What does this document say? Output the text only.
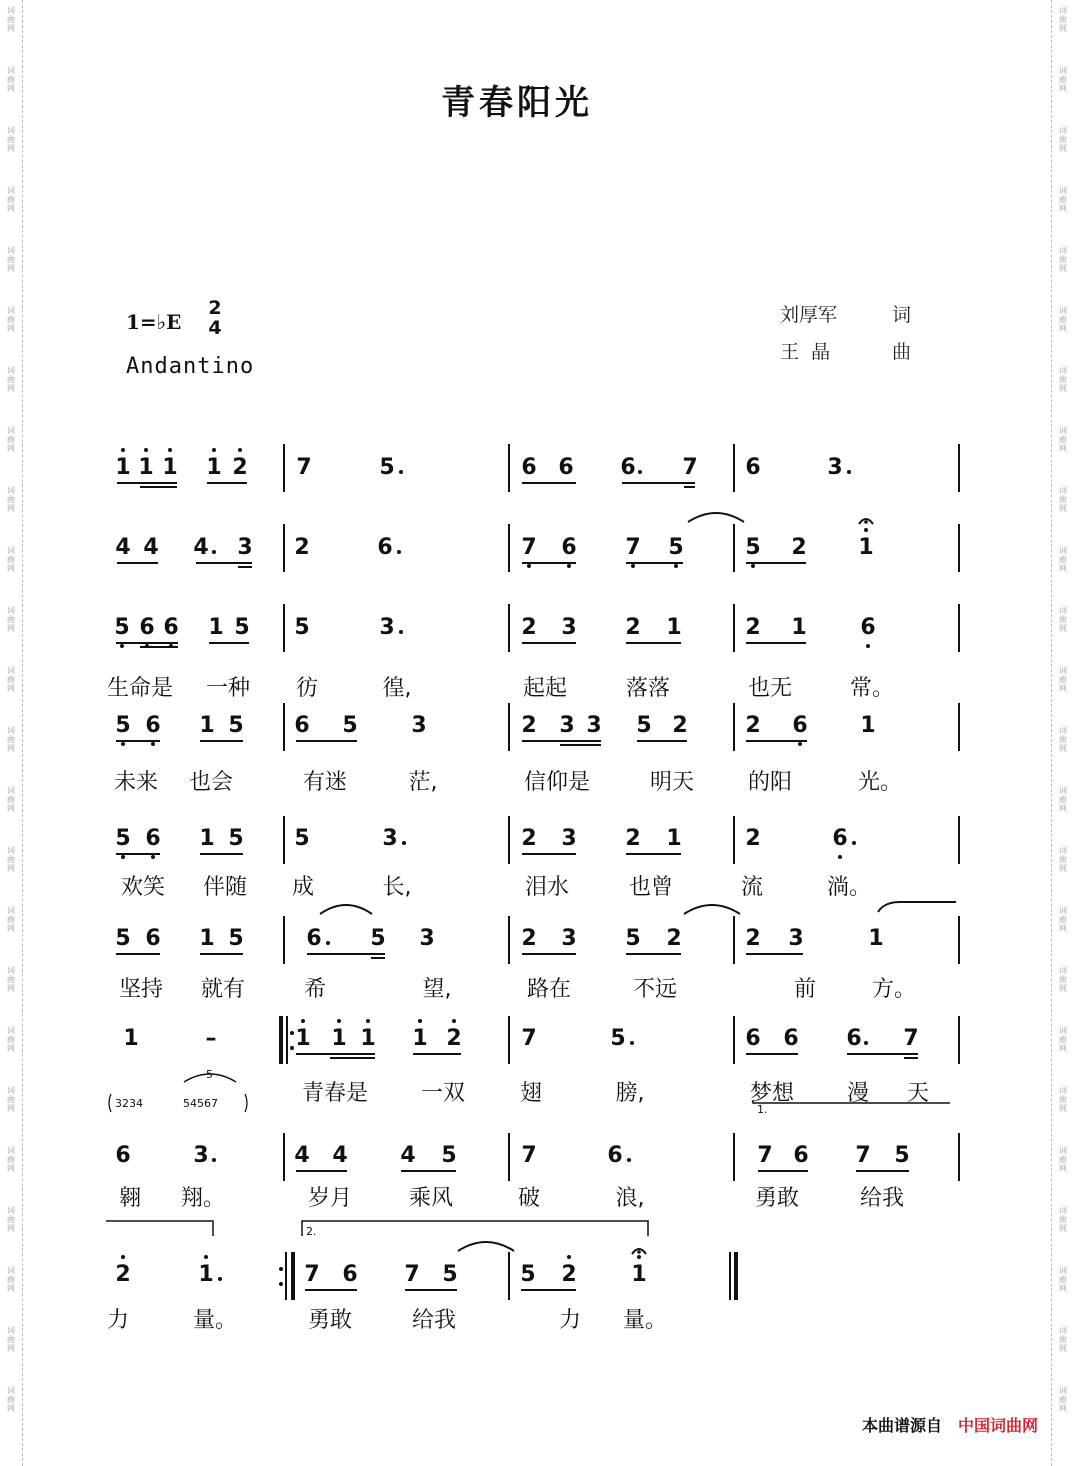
词曲网
词曲网
词曲网
词曲网
词曲网
词曲网
词曲网
词曲网
词曲网
词曲网
词曲网
词曲网
词曲网
词曲网
词曲网
词曲网
词曲网
词曲网
词曲网
词曲网
词曲网
词曲网
词曲网
词曲网
词曲网
词曲网
词曲网
词曲网
词曲网
词曲网
词曲网
词曲网
词曲网
词曲网
词曲网
词曲网
词曲网
词曲网
词曲网
词曲网
词曲网
词曲网
词曲网
词曲网
词曲网
词曲网
词曲网
词曲网
青春阳光
1=♭E
2
4
Andantino
刘厚军	词
王  晶	曲
1 1 1 1 2 7	5	6 6 6 7 6	3
4 4 4 3 2	6	7 6 7 5	5 2 1
5 6 6 1 5 5	3	2 3 2 1	2 1 6
5 6 1 5 6 5 3	2 3 3 5 2	2 6 1
5 6 1 5 5	3	2 3 2 1	2	6
5 6 1 5	6 5 3	2 3 5 2	2 3	1
1	–	1 1 1 1 2	7	5	6 6 6 7
6	3	4 4 4 5	7	6	7 6 7 5
2	1	7 6 7 5	5 2 1
生命是 一种 彷	徨,	起起	落落	也无	常。
未来 也会	有迷	茫,	信仰是	明天 的阳	光。
欢笑 伴随 成	长,	泪水	也曾	流	淌。
坚持 就有	希	望,	路在	不远	前	方。
青春是 一双 翅	膀,	梦想 漫 天
翱 翔。	岁月	乘风	破	浪,	勇敢	给我
力	量。	勇敢	给我	力 量。
3234	54567
5
1.
2.
本曲谱源自 中国词曲网
